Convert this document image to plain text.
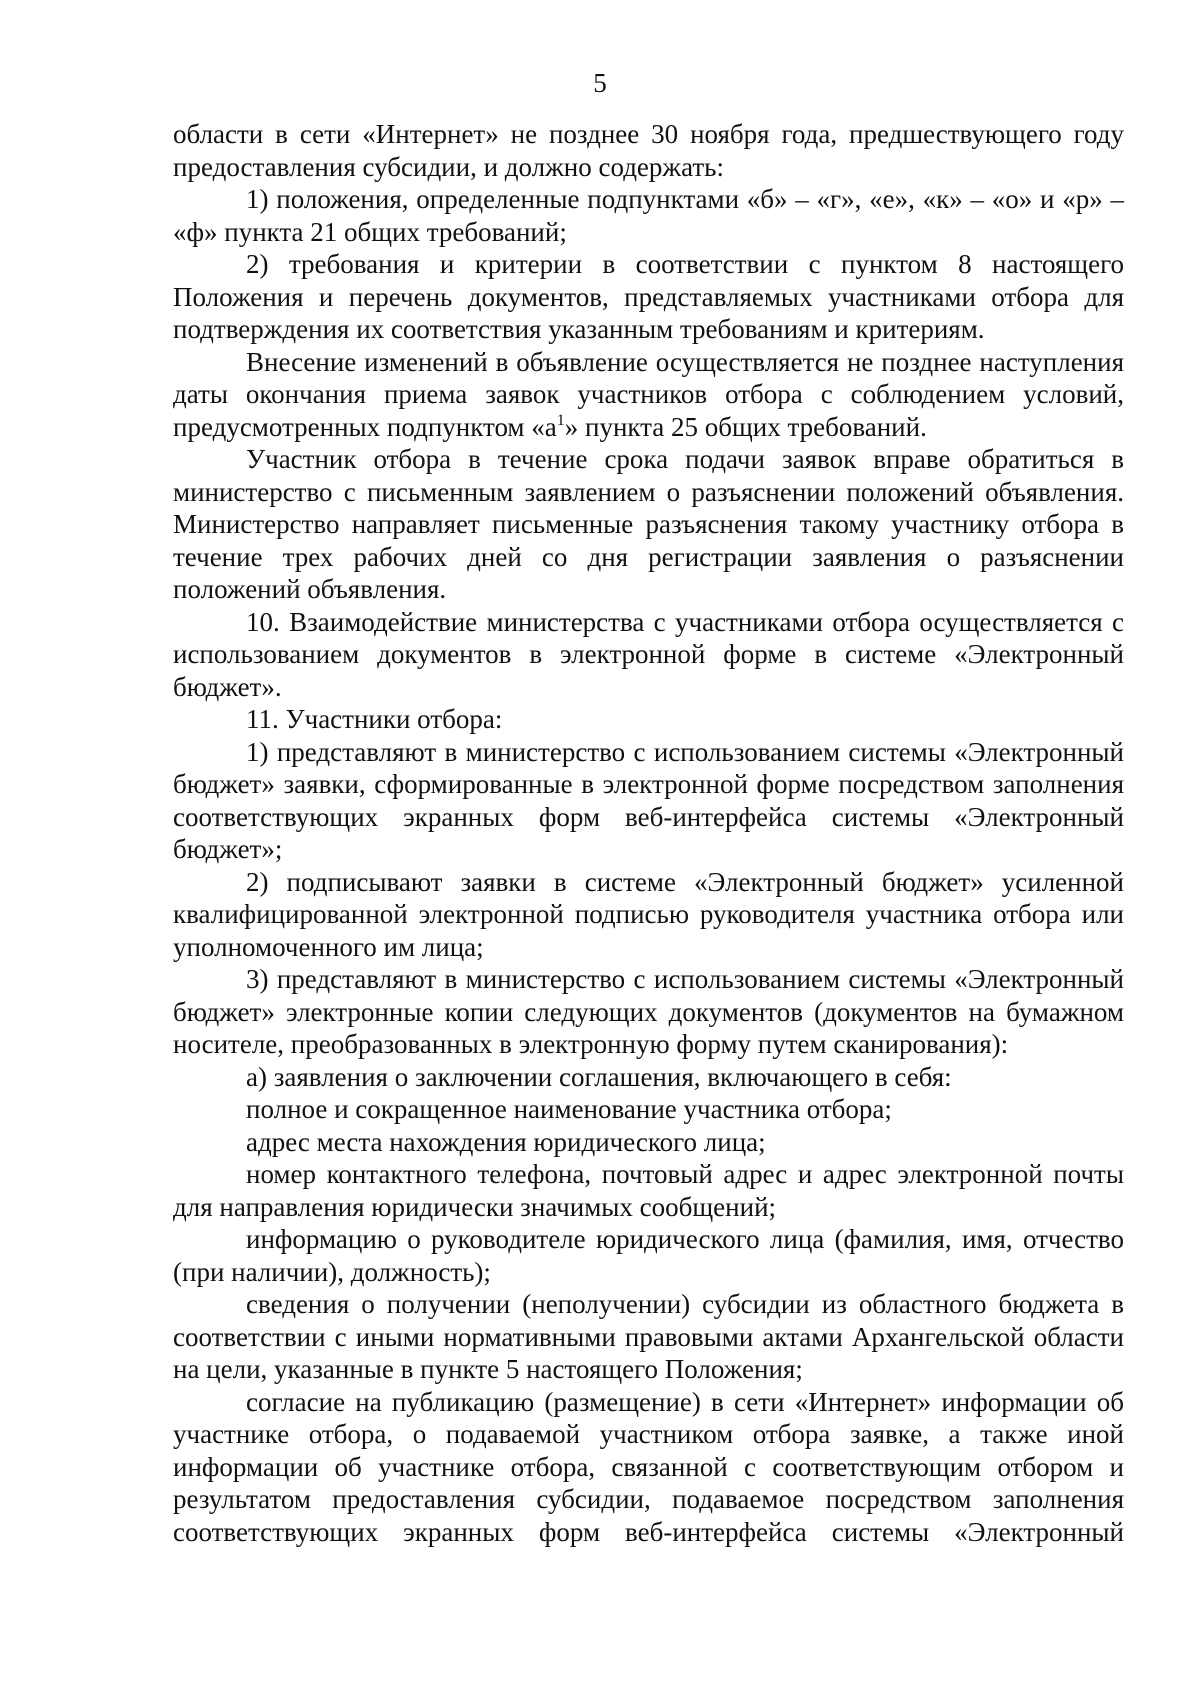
5

области в сети «Интернет» не позднее 30 ноября года, предшествующего году предоставления субсидии, и должно содержать:

1) положения, определенные подпунктами «б» – «г», «е», «к» – «о» и «р» – «ф» пункта 21 общих требований;

2) требования и критерии в соответствии с пунктом 8 настоящего Положения и перечень документов, представляемых участниками отбора для подтверждения их соответствия указанным требованиям и критериям.

Внесение изменений в объявление осуществляется не позднее наступления даты окончания приема заявок участников отбора с соблюдением условий, предусмотренных подпунктом «$а^1$» пункта 25 общих требований.

Участник отбора в течение срока подачи заявок вправе обратиться в министерство с письменным заявлением о разъяснении положений объявления. Министерство направляет письменные разъяснения такому участнику отбора в течение трех рабочих дней со дня регистрации заявления о разъяснении положений объявления.

10. Взаимодействие министерства с участниками отбора осуществляется с использованием документов в электронной форме в системе «Электронный бюджет».

11. Участники отбора:

1) представляют в министерство с использованием системы «Электронный бюджет» заявки, сформированные в электронной форме посредством заполнения соответствующих экранных форм веб-интерфейса системы «Электронный бюджет»;

2) подписывают заявки в системе «Электронный бюджет» усиленной квалифицированной электронной подписью руководителя участника отбора или уполномоченного им лица;

3) представляют в министерство с использованием системы «Электронный бюджет» электронные копии следующих документов (документов на бумажном носителе, преобразованных в электронную форму путем сканирования):

а) заявления о заключении соглашения, включающего в себя:

полное и сокращенное наименование участника отбора;

адрес места нахождения юридического лица;

номер контактного телефона, почтовый адрес и адрес электронной почты для направления юридически значимых сообщений;

информацию о руководителе юридического лица (фамилия, имя, отчество (при наличии), должность);

сведения о получении (неполучении) субсидии из областного бюджета в соответствии с иными нормативными правовыми актами Архангельской области на цели, указанные в пункте 5 настоящего Положения;

согласие на публикацию (размещение) в сети «Интернет» информации об участнике отбора, о подаваемой участником отбора заявке, а также иной информации об участнике отбора, связанной с соответствующим отбором и результатом предоставления субсидии, подаваемое посредством заполнения соответствующих экранных форм веб-интерфейса системы «Электронный
